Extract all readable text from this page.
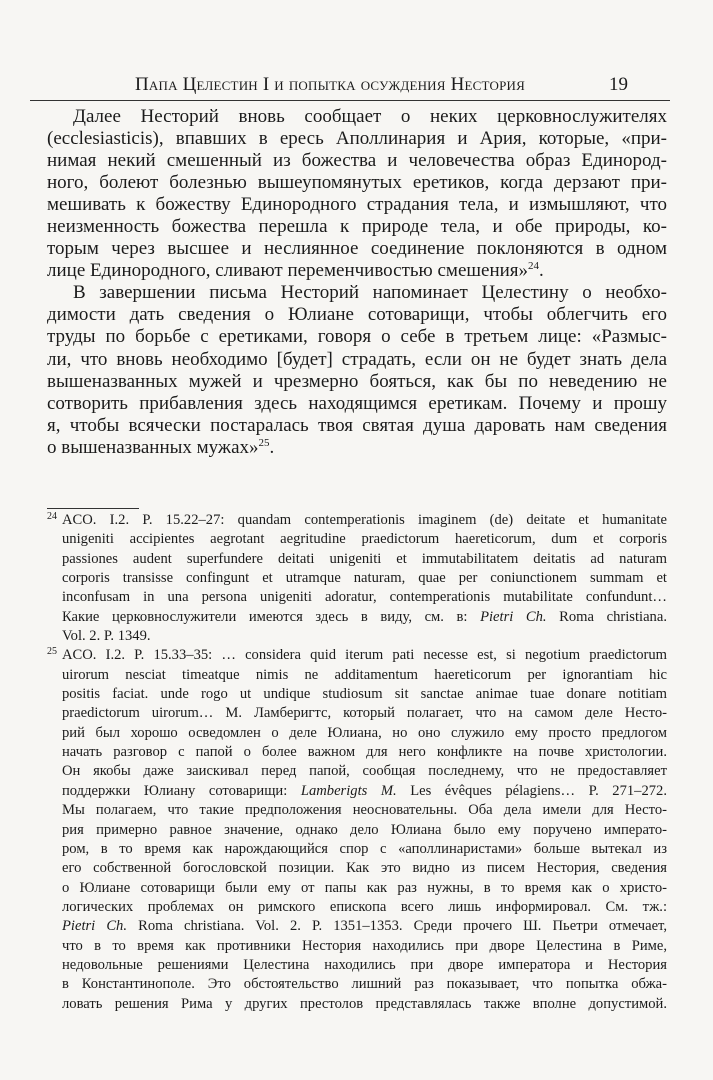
Папа Целестин I и попытка осуждения Нестория	19
Далее Несторий вновь сообщает о неких церковнослужителях
(ecclesiasticis), впавших в ересь Аполлинария и Ария, которые, «при-
нимая некий смешенный из божества и человечества образ Единород-
ного, болеют болезнью вышеупомянутых еретиков, когда дерзают при-
мешивать к божеству Единородного страдания тела, и измышляют, что
неизменность божества перешла к природе тела, и обе природы, ко-
торым через высшее и неслиянное соединение поклоняются в одном
лице Единородного, сливают переменчивостью смешения»$^{24}$.
В завершении письма Несторий напоминает Целестину о необхо-
димости дать сведения о Юлиане сотоварищи, чтобы облегчить его
труды по борьбе с еретиками, говоря о себе в третьем лице: «Размыс-
ли, что вновь необходимо [будет] страдать, если он не будет знать дела
вышеназванных мужей и чрезмерно бояться, как бы по неведению не
сотворить прибавления здесь находящимся еретикам. Почему и прошу
я, чтобы всячески постаралась твоя святая душа даровать нам сведения
о вышеназванных мужах»$^{25}$.
24 ACO. I.2. P. 15.22–27: quandam contemperationis imaginem (de) deitate et humanitate
unigeniti accipientes aegrotant aegritudine praedictorum haereticorum, dum et corporis
passiones audent superfundere deitati unigeniti et immutabilitatem deitatis ad naturam
corporis transisse confingunt et utramque naturam, quae per coniunctionem summam et
inconfusam in una persona unigeniti adoratur, contemperationis mutabilitate confundunt…
Какие церковнослужители имеются здесь в виду, см. в: Pietri Ch. Roma christiana.
Vol. 2. P. 1349.
25 ACO. I.2. P. 15.33–35: … considera quid iterum pati necesse est, si negotium praedictorum
uirorum nesciat timeatque nimis ne additamentum haereticorum per ignorantiam hic
positis faciat. unde rogo ut undique studiosum sit sanctae animae tuae donare notitiam
praedictorum uirorum… М. Ламберигтс, который полагает, что на самом деле Несто-
рий был хорошо осведомлен о деле Юлиана, но оно служило ему просто предлогом
начать разговор с папой о более важном для него конфликте на почве христологии.
Он якобы даже заискивал перед папой, сообщая последнему, что не предоставляет
поддержки Юлиану сотоварищи: Lamberigts M. Les évêques pélagiens… P. 271–272.
Мы полагаем, что такие предположения неосновательны. Оба дела имели для Несто-
рия примерно равное значение, однако дело Юлиана было ему поручено императо-
ром, в то время как нарождающийся спор с «аполлинаристами» больше вытекал из
его собственной богословской позиции. Как это видно из писем Нестория, сведения
о Юлиане сотоварищи были ему от папы как раз нужны, в то время как о христо-
логических проблемах он римского епископа всего лишь информировал. См. тж.:
Pietri Ch. Roma christiana. Vol. 2. P. 1351–1353. Среди прочего Ш. Пьетри отмечает,
что в то время как противники Нестория находились при дворе Целестина в Риме,
недовольные решениями Целестина находились при дворе императора и Нестория
в Константинополе. Это обстоятельство лишний раз показывает, что попытка обжа-
ловать решения Рима у других престолов представлялась также вполне допустимой.
